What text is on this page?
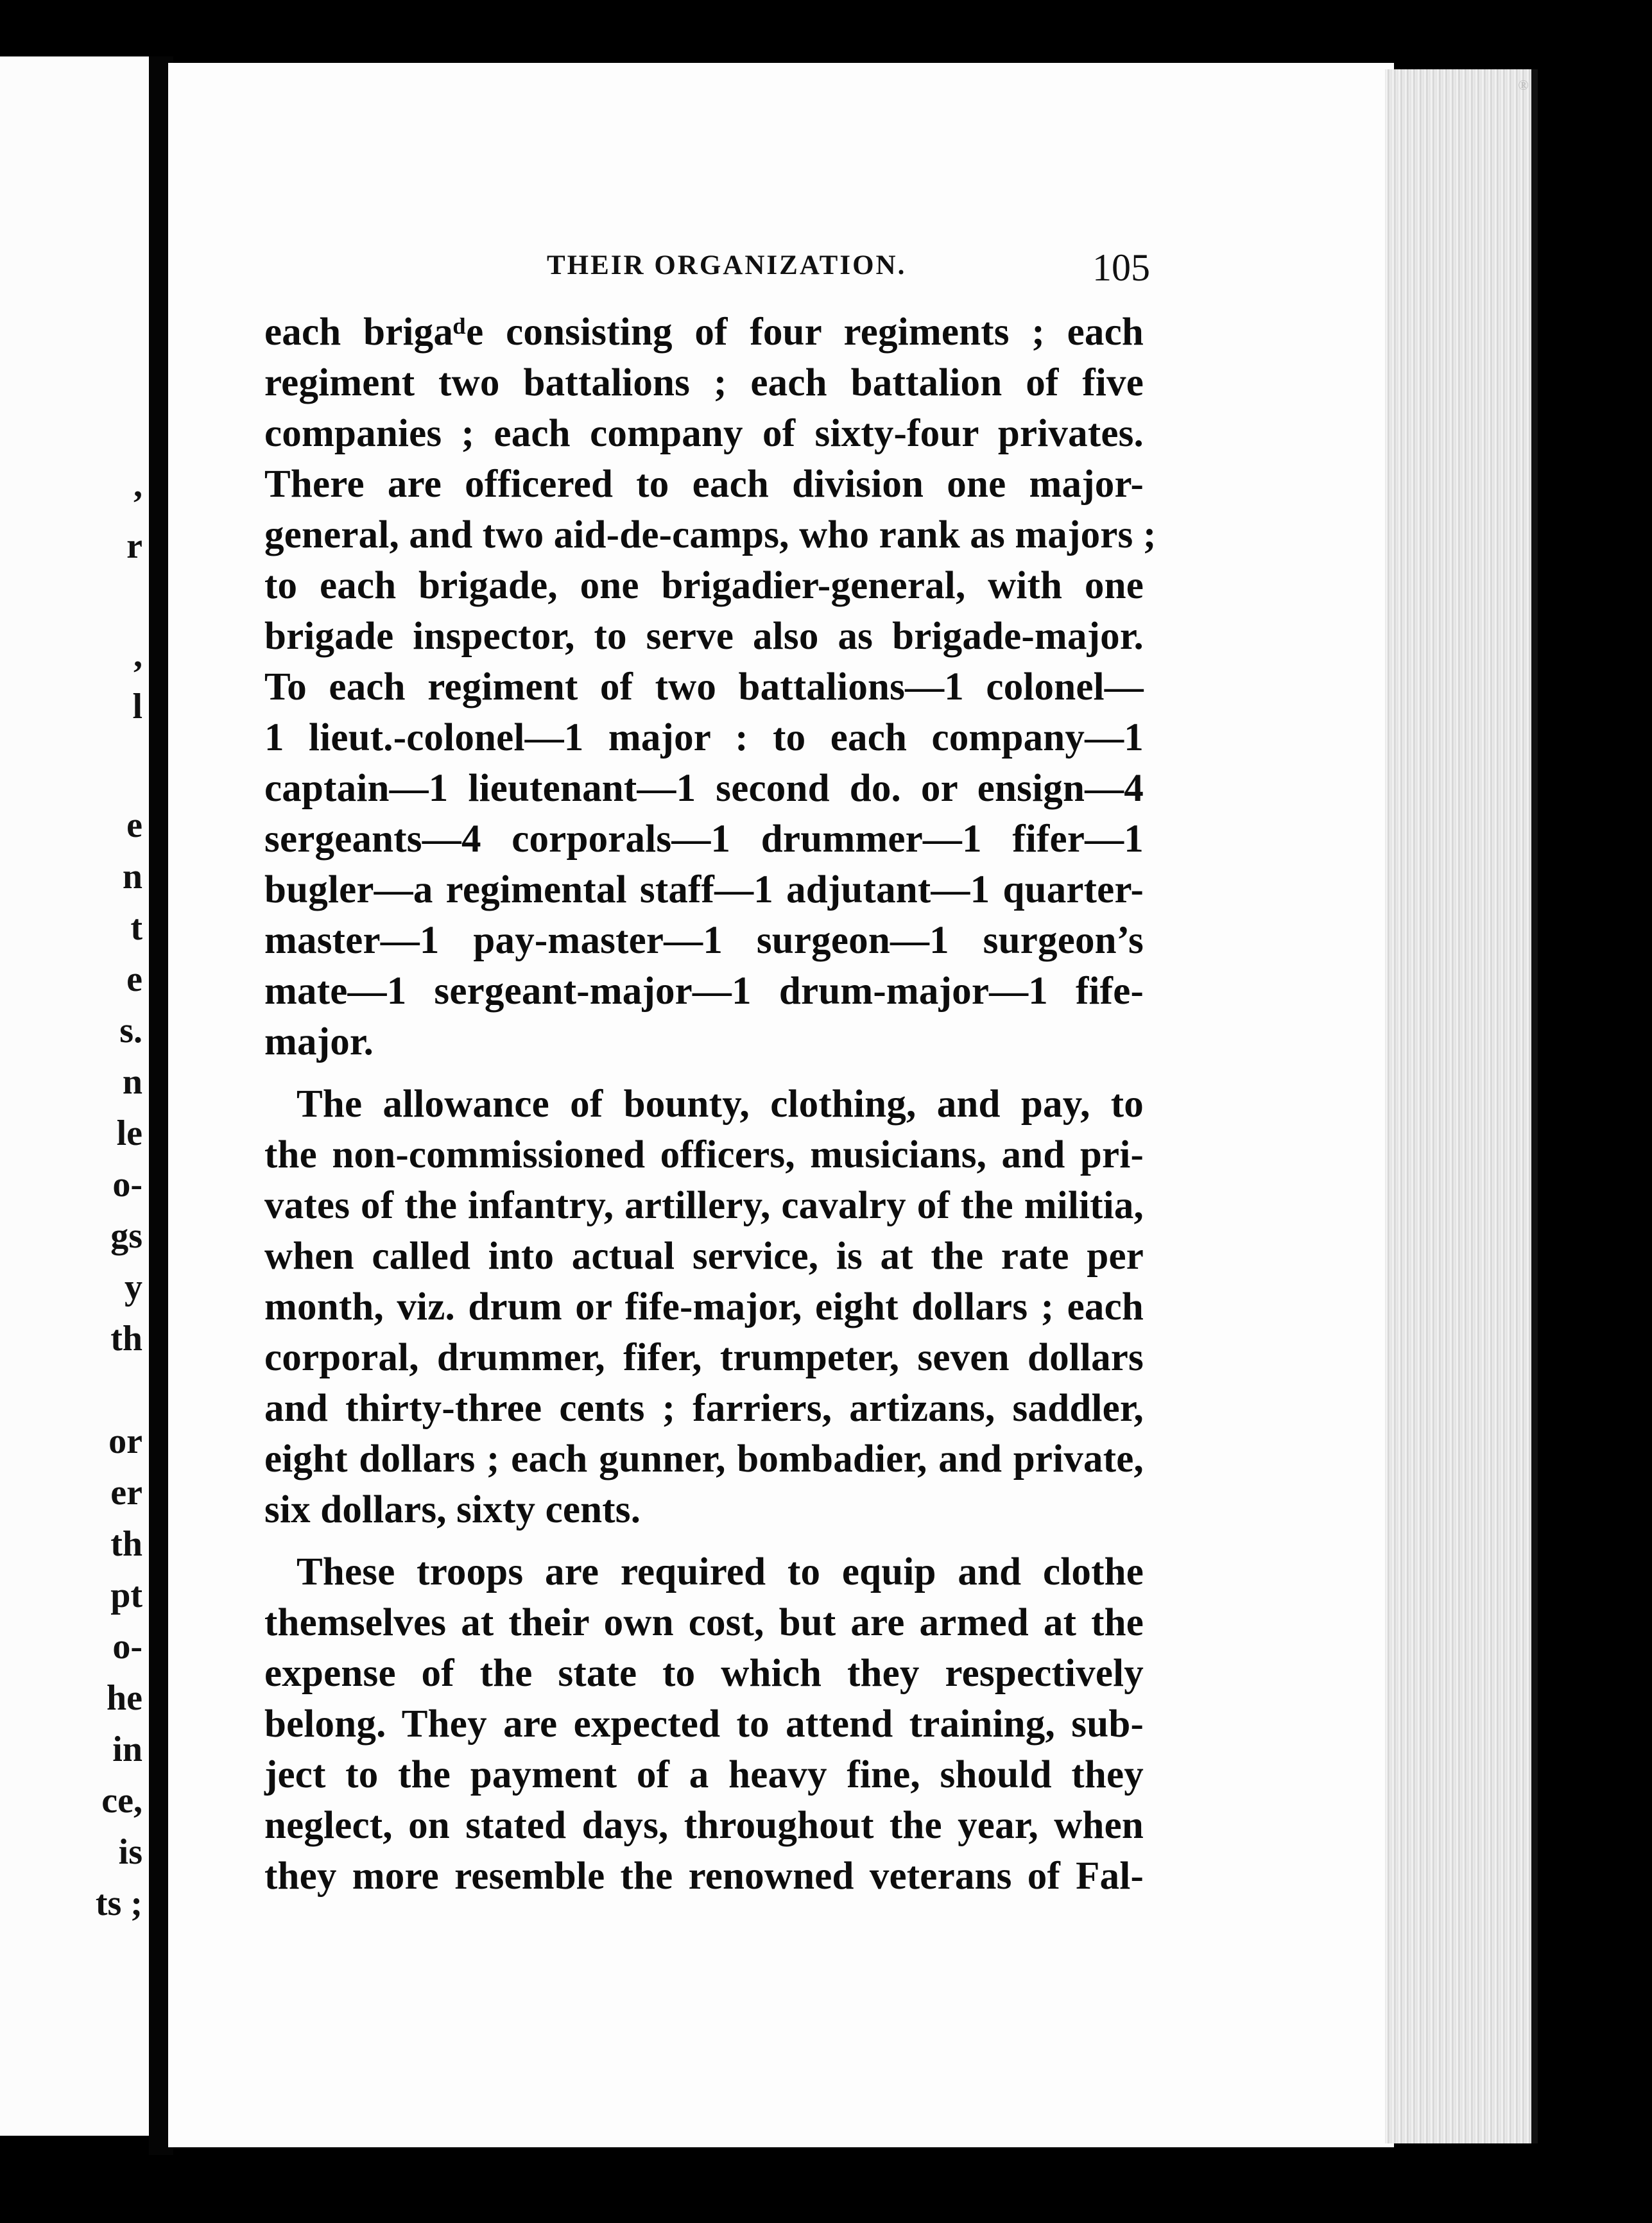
,
r
,
l
e
n
t
e
s.
n
le
o-
gs
y
th
or
er
th
pt
o-
he
in
ce,
is
ts ;
THEIR ORGANIZATION.	105
each brigaᵈe consisting of four regiments ; each
regiment two battalions ; each battalion of five
companies ; each company of sixty-four privates.
There are officered to each division one major-
general, and two aid-de-camps, who rank as majors ;
to each brigade, one brigadier-general, with one
brigade inspector, to serve also as brigade-major.
To each regiment of two battalions—1 colonel—
1 lieut.-colonel—1 major : to each company—1
captain—1 lieutenant—1 second do. or ensign—4
sergeants—4 corporals—1 drummer—1 fifer—1
bugler—a regimental staff—1 adjutant—1 quarter-
master—1 pay-master—1 surgeon—1 surgeon’s
mate—1 sergeant-major—1 drum-major—1 fife-
major.
The allowance of bounty, clothing, and pay, to
the non-commissioned officers, musicians, and pri-
vates of the infantry, artillery, cavalry of the militia,
when called into actual service, is at the rate per
month, viz. drum or fife-major, eight dollars ; each
corporal, drummer, fifer, trumpeter, seven dollars
and thirty-three cents ; farriers, artizans, saddler,
eight dollars ; each gunner, bombadier, and private,
six dollars, sixty cents.
These troops are required to equip and clothe
themselves at their own cost, but are armed at the
expense of the state to which they respectively
belong. They are expected to attend training, sub-
ject to the payment of a heavy fine, should they
neglect, on stated days, throughout the year, when
they more resemble the renowned veterans of Fal-
®
